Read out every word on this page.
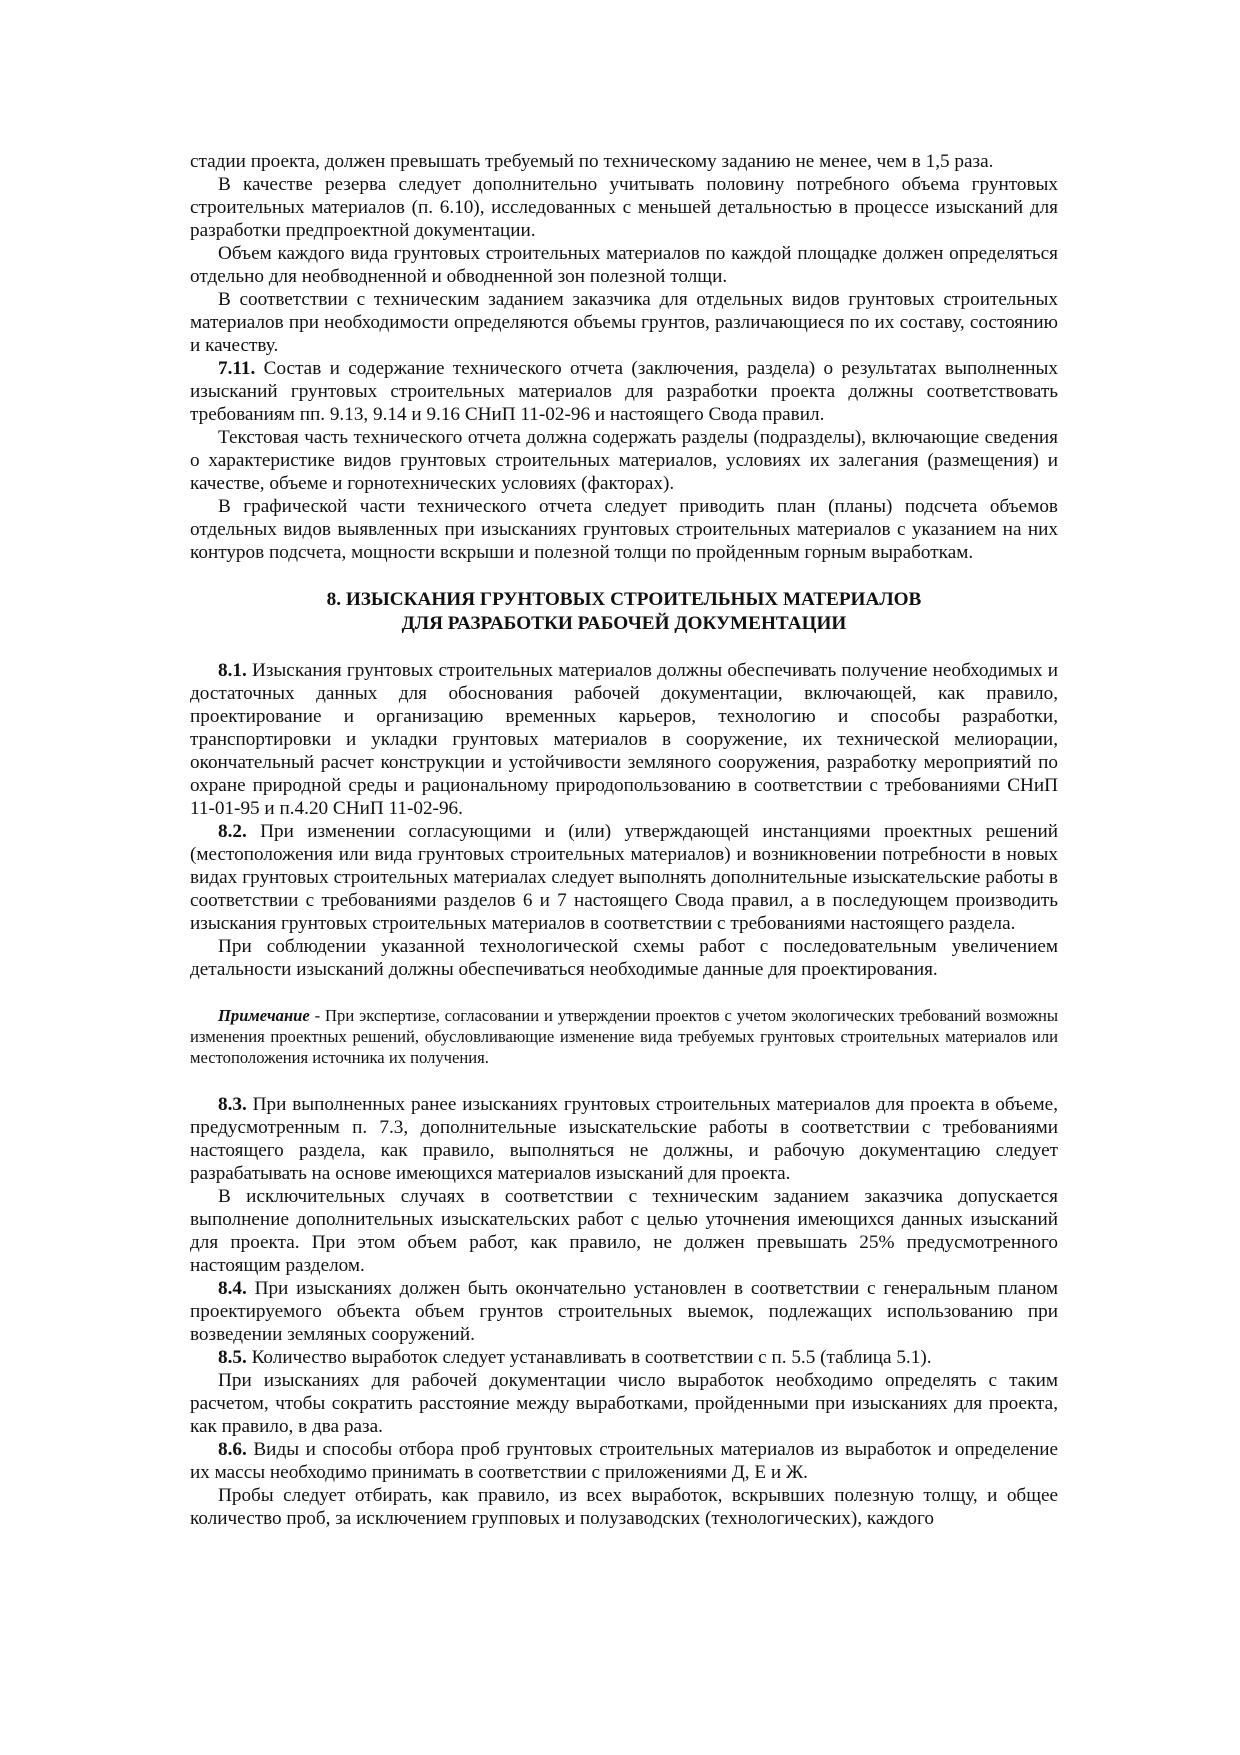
стадии проекта, должен превышать требуемый по техническому заданию не менее, чем в 1,5 раза.

В качестве резерва следует дополнительно учитывать половину потребного объема грунтовых строительных материалов (п. 6.10), исследованных с меньшей детальностью в процессе изысканий для разработки предпроектной документации.

Объем каждого вида грунтовых строительных материалов по каждой площадке должен определяться отдельно для необводненной и обводненной зон полезной толщи.

В соответствии с техническим заданием заказчика для отдельных видов грунтовых строительных материалов при необходимости определяются объемы грунтов, различающиеся по их составу, состоянию и качеству.

7.11. Состав и содержание технического отчета (заключения, раздела) о результатах выполненных изысканий грунтовых строительных материалов для разработки проекта должны соответствовать требованиям пп. 9.13, 9.14 и 9.16 СНиП 11-02-96 и настоящего Свода правил.

Текстовая часть технического отчета должна содержать разделы (подразделы), включающие сведения о характеристике видов грунтовых строительных материалов, условиях их залегания (размещения) и качестве, объеме и горнотехнических условиях (факторах).

В графической части технического отчета следует приводить план (планы) подсчета объемов отдельных видов выявленных при изысканиях грунтовых строительных материалов с указанием на них контуров подсчета, мощности вскрыши и полезной толщи по пройденным горным выработкам.

8. ИЗЫСКАНИЯ ГРУНТОВЫХ СТРОИТЕЛЬНЫХ МАТЕРИАЛОВ
ДЛЯ РАЗРАБОТКИ РАБОЧЕЙ ДОКУМЕНТАЦИИ

8.1. Изыскания грунтовых строительных материалов должны обеспечивать получение необходимых и достаточных данных для обоснования рабочей документации, включающей, как правило, проектирование и организацию временных карьеров, технологию и способы разработки, транспортировки и укладки грунтовых материалов в сооружение, их технической мелиорации, окончательный расчет конструкции и устойчивости земляного сооружения, разработку мероприятий по охране природной среды и рациональному природопользованию в соответствии с требованиями СНиП 11-01-95 и п.4.20 СНиП 11-02-96.

8.2. При изменении согласующими и (или) утверждающей инстанциями проектных решений (местоположения или вида грунтовых строительных материалов) и возникновении потребности в новых видах грунтовых строительных материалах следует выполнять дополнительные изыскательские работы в соответствии с требованиями разделов 6 и 7 настоящего Свода правил, а в последующем производить изыскания грунтовых строительных материалов в соответствии с требованиями настоящего раздела.

При соблюдении указанной технологической схемы работ с последовательным увеличением детальности изысканий должны обеспечиваться необходимые данные для проектирования.

Примечание - При экспертизе, согласовании и утверждении проектов с учетом экологических требований возможны изменения проектных решений, обусловливающие изменение вида требуемых грунтовых строительных материалов или местоположения источника их получения.

8.3. При выполненных ранее изысканиях грунтовых строительных материалов для проекта в объеме, предусмотренным п. 7.3, дополнительные изыскательские работы в соответствии с требованиями настоящего раздела, как правило, выполняться не должны, и рабочую документацию следует разрабатывать на основе имеющихся материалов изысканий для проекта.

В исключительных случаях в соответствии с техническим заданием заказчика допускается выполнение дополнительных изыскательских работ с целью уточнения имеющихся данных изысканий для проекта. При этом объем работ, как правило, не должен превышать 25% предусмотренного настоящим разделом.

8.4. При изысканиях должен быть окончательно установлен в соответствии с генеральным планом проектируемого объекта объем грунтов строительных выемок, подлежащих использованию при возведении земляных сооружений.

8.5. Количество выработок следует устанавливать в соответствии с п. 5.5 (таблица 5.1).

При изысканиях для рабочей документации число выработок необходимо определять с таким расчетом, чтобы сократить расстояние между выработками, пройденными при изысканиях для проекта, как правило, в два раза.

8.6. Виды и способы отбора проб грунтовых строительных материалов из выработок и определение их массы необходимо принимать в соответствии с приложениями Д, Е и Ж.

Пробы следует отбирать, как правило, из всех выработок, вскрывших полезную толщу, и общее количество проб, за исключением групповых и полузаводских (технологических), каждого
